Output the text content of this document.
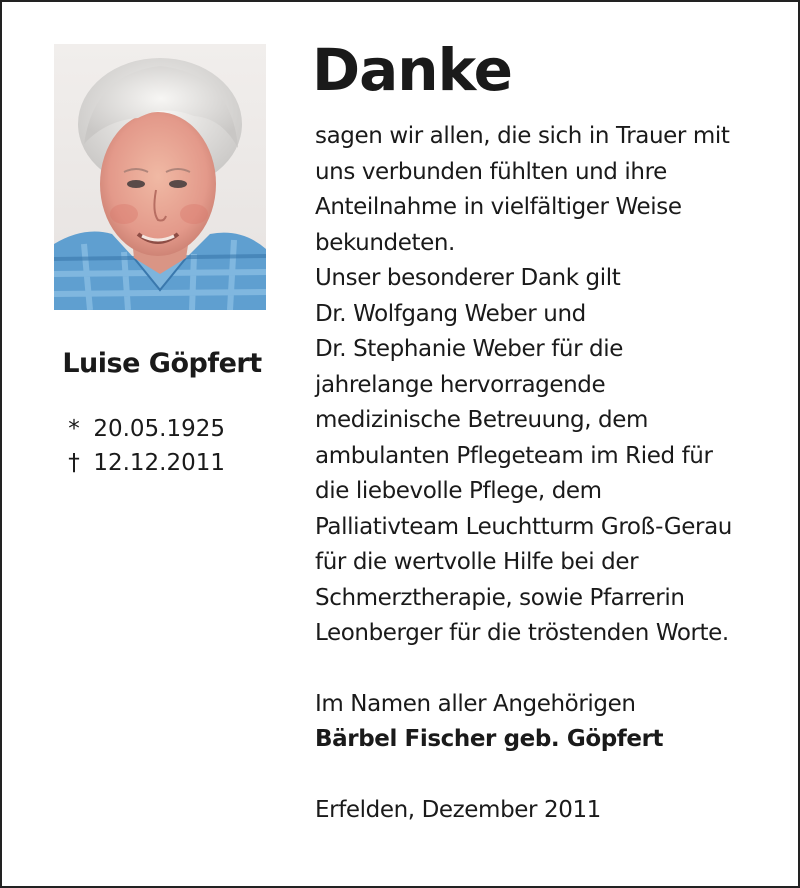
Luise Göpfert
* 20.05.1925
† 12.12.2011
Danke
sagen wir allen, die sich in Trauer mit
uns verbunden fühlten und ihre
Anteilnahme in vielfältiger Weise
bekundeten.
Unser besonderer Dank gilt
Dr. Wolfgang Weber und
Dr. Stephanie Weber für die
jahrelange hervorragende
medizinische Betreuung, dem
ambulanten Pflegeteam im Ried für
die liebevolle Pflege, dem
Palliativteam Leuchtturm Groß-Gerau
für die wertvolle Hilfe bei der
Schmerztherapie, sowie Pfarrerin
Leonberger für die tröstenden Worte.
Im Namen aller Angehörigen
Bärbel Fischer geb. Göpfert
Erfelden, Dezember 2011
